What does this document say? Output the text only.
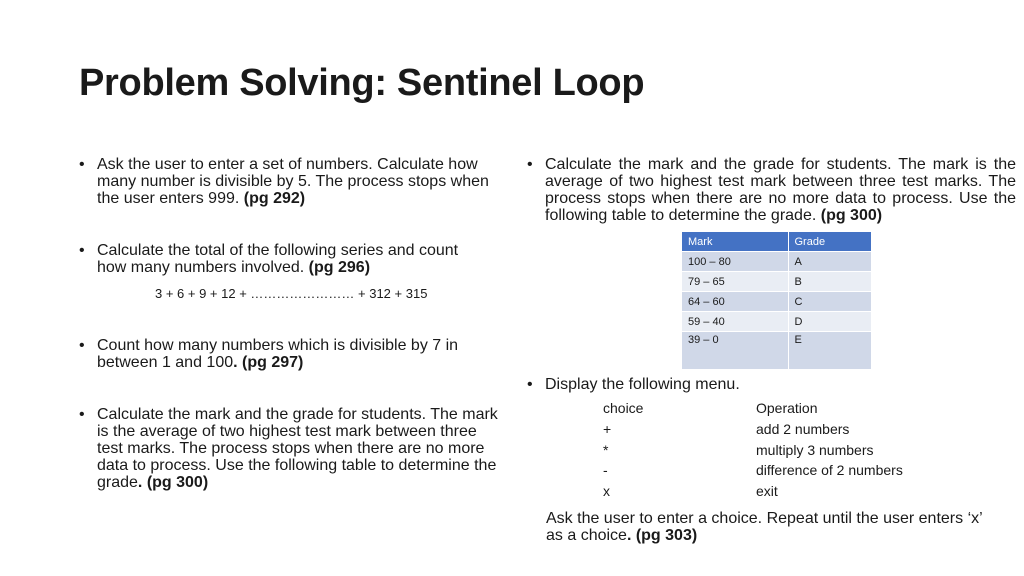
Problem Solving: Sentinel Loop
• Ask the user to enter a set of numbers. Calculate how many number is divisible by 5. The process stops when the user enters 999. (pg 292)
• Calculate the total of the following series and count how many numbers involved. (pg 296)
3 + 6 + 9 + 12 + …………………… + 312 + 315
• Count how many numbers which is divisible by 7 in between 1 and 100. (pg 297)
• Calculate the mark and the grade for students. The mark is the average of two highest test mark between three test marks. The process stops when there are no more data to process. Use the following table to determine the grade. (pg 300)
• Calculate the mark and the grade for students. The mark is the average of two highest test mark between three test marks. The process stops when there are no more data to process. Use the following table to determine the grade. (pg 300)
Mark	Grade
100 – 80	A
79 – 65	B
64 – 60	C
59 – 40	D
39 – 0	E
• Display the following menu.
choice	Operation
+	add 2 numbers
*	multiply 3 numbers
-	difference of 2 numbers
x	exit
Ask the user to enter a choice. Repeat until the user enters ‘x’ as a choice. (pg 303)
